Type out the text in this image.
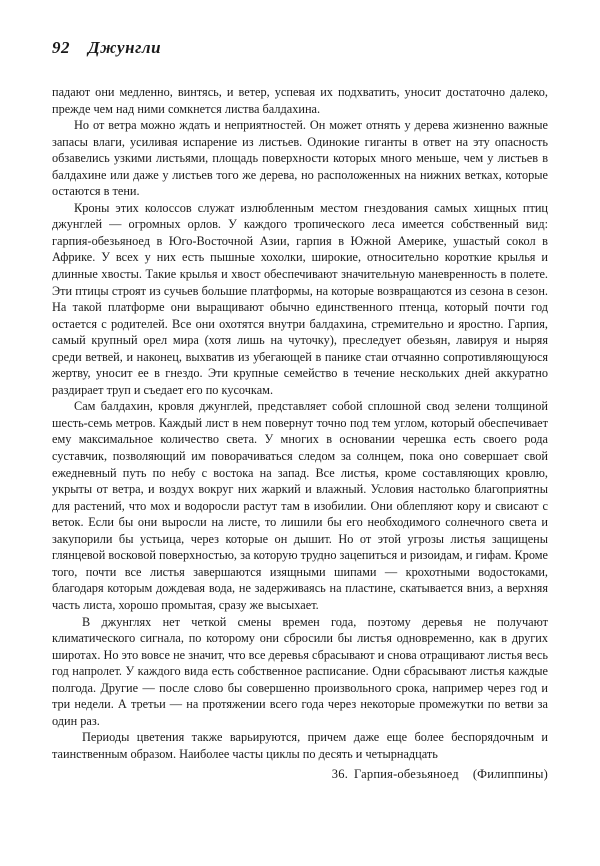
92 Джунгли

падают они медленно, винтясь, и ветер, успевая их подхватить, уносит достаточно далеко, прежде чем над ними сомкнется листва балдахина.

Но от ветра можно ждать и неприятностей. Он может отнять у дерева жизненно важные запасы влаги, усиливая испарение из листьев. Одинокие гиганты в ответ на эту опасность обзавелись узкими листьями, площадь поверхности которых много меньше, чем у листьев в балдахине или даже у листьев того же дерева, но расположенных на нижних ветках, которые остаются в тени.

Кроны этих колоссов служат излюбленным местом гнездования самых хищных птиц джунглей — огромных орлов. У каждого тропического леса имеется собственный вид: гарпия-обезьяноед в Юго-Восточной Азии, гарпия в Южной Америке, ушастый сокол в Африке. У всех у них есть пышные хохолки, широкие, относительно короткие крылья и длинные хвосты. Такие крылья и хвост обеспечивают значительную маневренность в полете. Эти птицы строят из сучьев большие платформы, на которые возвращаются из сезона в сезон. На такой платформе они выращивают обычно единственного птенца, который почти год остается с родителей. Все они охотятся внутри балдахина, стремительно и яростно. Гарпия, самый крупный орел мира (хотя лишь на чуточку), преследует обезьян, лавируя и ныряя среди ветвей, и наконец, выхватив из убегающей в панике стаи отчаянно сопротивляющуюся жертву, уносит ее в гнездо. Эти крупные семейство в течение нескольких дней аккуратно раздирает труп и съедает его по кусочкам.

Сам балдахин, кровля джунглей, представляет собой сплошной свод зелени толщиной шесть-семь метров. Каждый лист в нем повернут точно под тем углом, который обеспечивает ему максимальное количество света. У многих в основании черешка есть своего рода суставчик, позволяющий им поворачиваться следом за солнцем, пока оно совершает свой ежедневный путь по небу с востока на запад. Все листья, кроме составляющих кровлю, укрыты от ветра, и воздух вокруг них жаркий и влажный. Условия настолько благоприятны для растений, что мох и водоросли растут там в изобилии. Они облепляют кору и свисают с веток. Если бы они выросли на листе, то лишили бы его необходимого солнечного света и закупорили бы устьица, через которые он дышит. Но от этой угрозы листья защищены глянцевой восковой поверхностью, за которую трудно зацепиться и ризоидам, и гифам. Кроме того, почти все листья завершаются изящными шипами — крохотными водостоками, благодаря которым дождевая вода, не задерживаясь на пластине, скатывается вниз, а верхняя часть листа, хорошо промытая, сразу же высыхает.

В джунглях нет четкой смены времен года, поэтому деревья не получают климатического сигнала, по которому они сбросили бы листья одновременно, как в других широтах. Но это вовсе не значит, что все деревья сбрасывают и снова отращивают листья весь год напролет. У каждого вида есть собственное расписание. Одни сбрасывают листья каждые полгода. Другие — после слово бы совершенно произвольного срока, например через год и три недели. А третьи — на протяжении всего года через некоторые промежутки по ветви за один раз.

Периоды цветения также варьируются, причем даже еще более беспорядочным и таинственным образом. Наиболее часты циклы по десять и четырнадцать

36. Гарпия-обезьяноед (Филиппины)
